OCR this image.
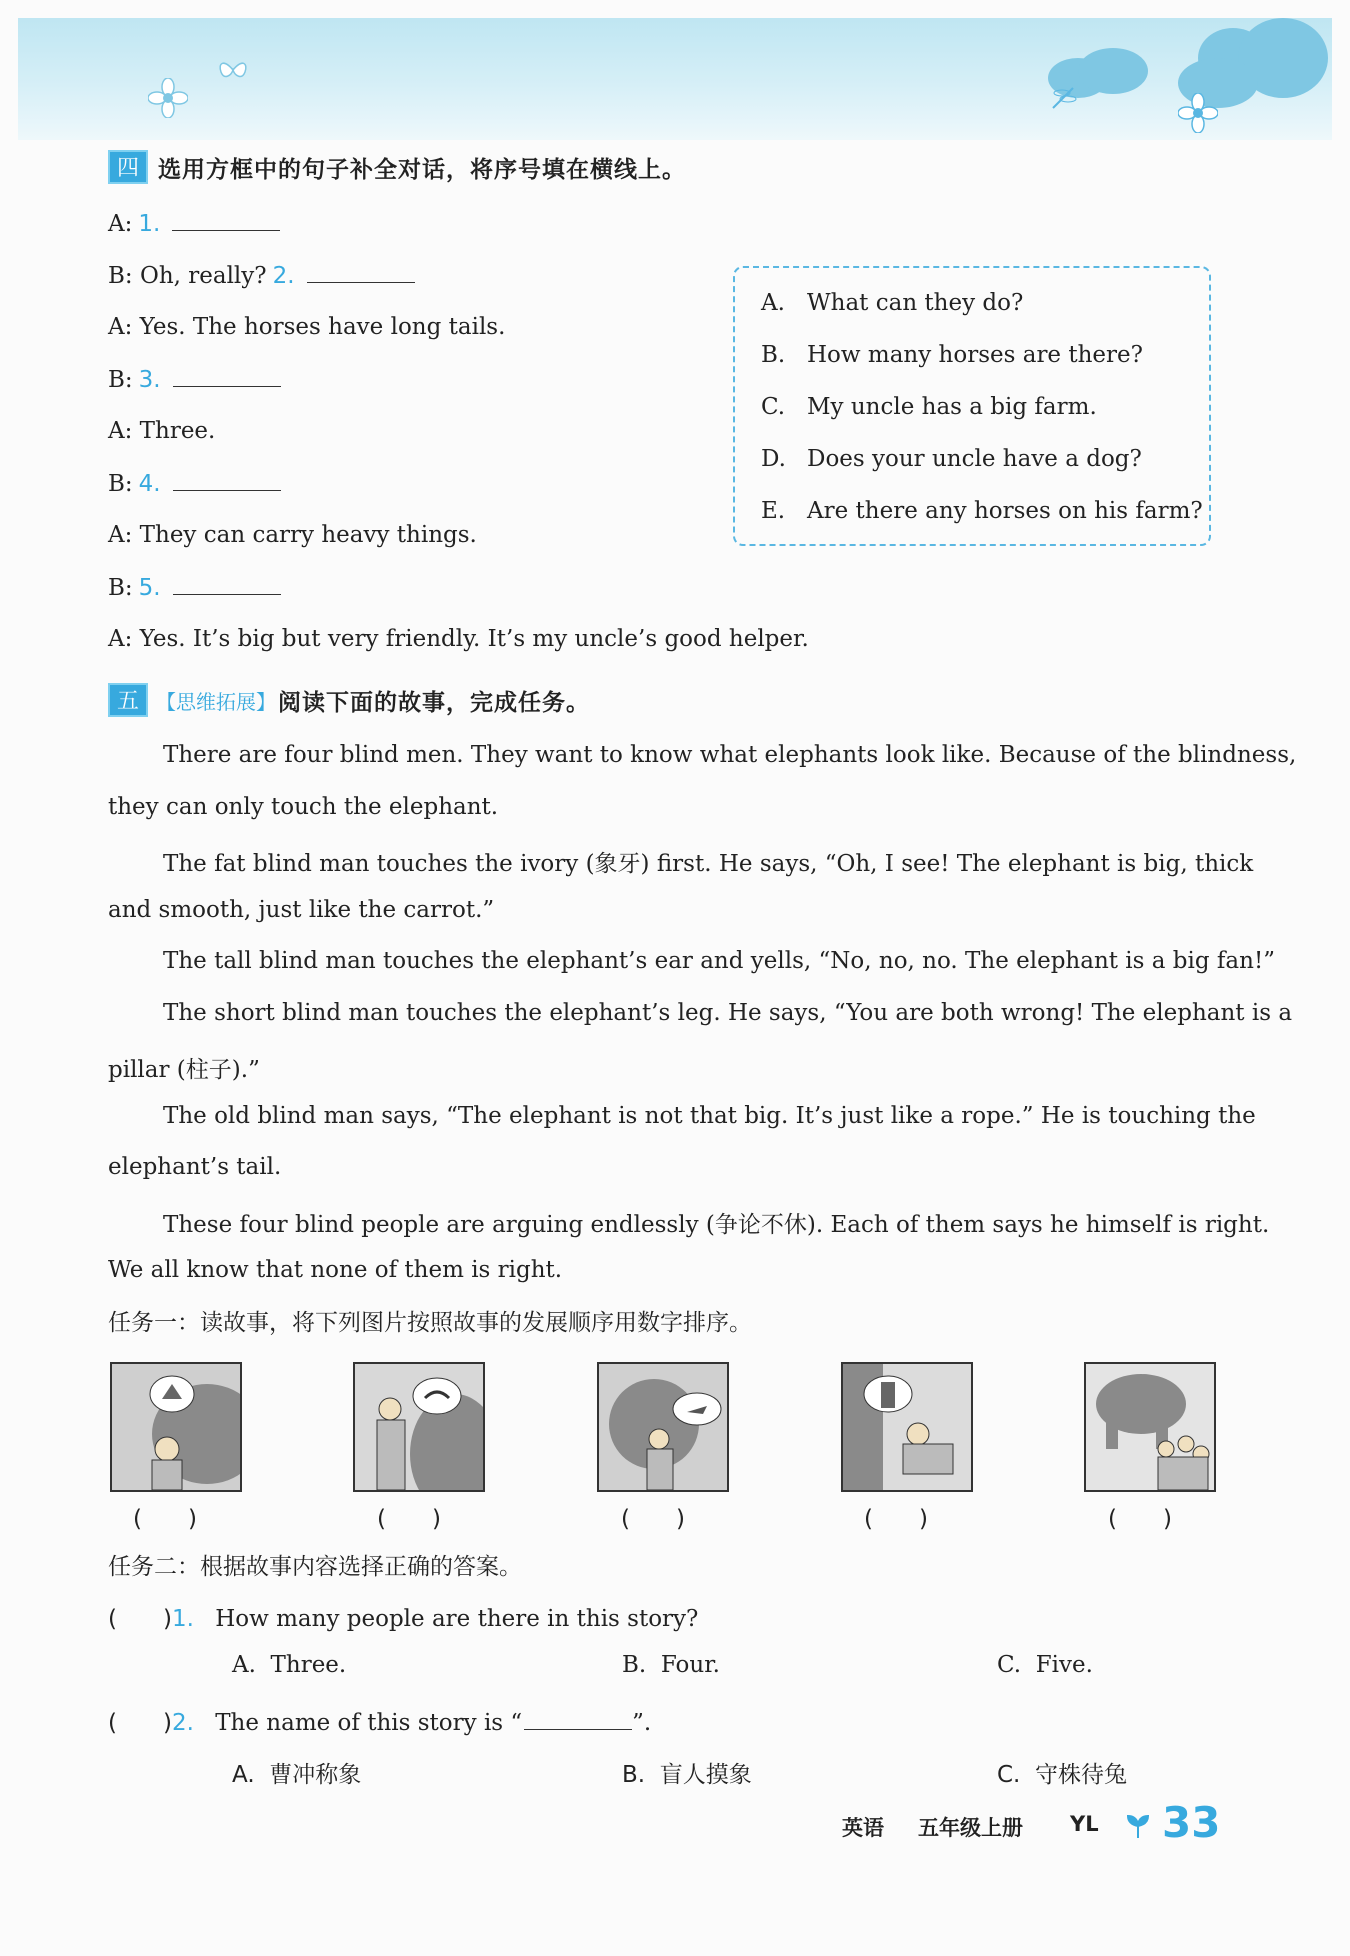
四 选用方框中的句子补全对话，将序号填在横线上。
A: 1.
B: Oh, really? 2.
A: Yes. The horses have long tails.
B: 3.
A: Three.
B: 4.
A: They can carry heavy things.
B: 5.
A: Yes. It’s big but very friendly. It’s my uncle’s good helper.
A. What can they do?
B. How many horses are there?
C. My uncle has a big farm.
D. Does your uncle have a dog?
E. Are there any horses on his farm?
五 【思维拓展】 阅读下面的故事，完成任务。
There are four blind men. They want to know what elephants look like. Because of the blindness,
they can only touch the elephant.
The fat blind man touches the ivory (象牙) first. He says, “Oh, I see! The elephant is big, thick
and smooth, just like the carrot.”
The tall blind man touches the elephant’s ear and yells, “No, no, no. The elephant is a big fan!”
The short blind man touches the elephant’s leg. He says, “You are both wrong! The elephant is a
pillar (柱子).”
The old blind man says, “The elephant is not that big. It’s just like a rope.” He is touching the
elephant’s tail.
These four blind people are arguing endlessly (争论不休). Each of them says he himself is right.
We all know that none of them is right.
任务一：读故事，将下列图片按照故事的发展顺序用数字排序。
(　　)	(　　)	(　　)	(　　)	(　　)
任务二：根据故事内容选择正确的答案。
(　　)1. How many people are there in this story?
A. Three.	B. Four.	C. Five.
(　　)2. The name of this story is “	”.
A. 曹冲称象	B. 盲人摸象	C. 守株待兔
英语 五年级上册 YL 33
